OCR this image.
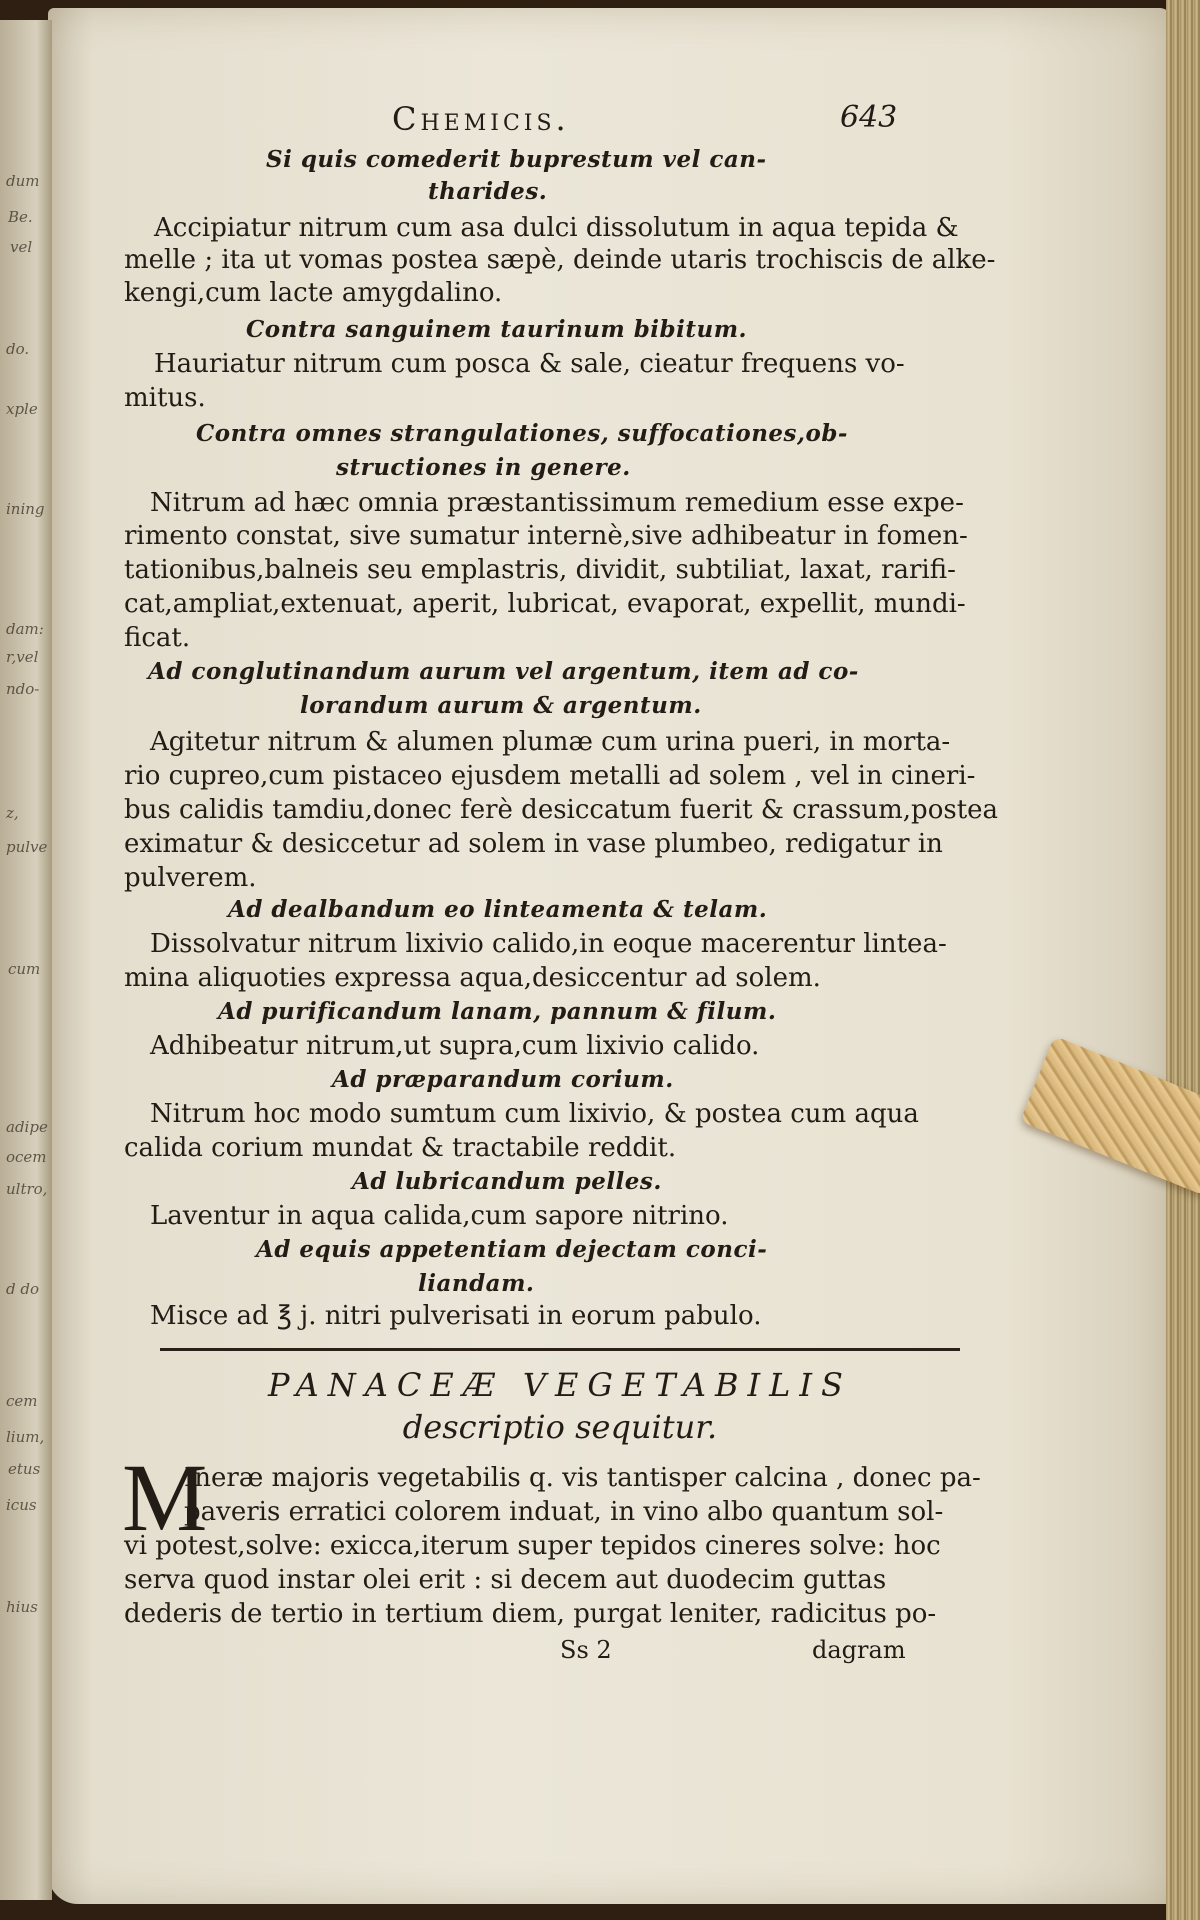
dum
Be.
vel
do.
xple
ining
dam:
r,vel
ndo-
z,
pulve
cum
adipe
ocem
ultro,
d do
cem
lium,
etus
icus
hius
Chemicis.	643
Si quis comederit buprestum vel can-
tharides.
Accipiatur nitrum cum asa dulci dissolutum in aqua tepida &
melle ; ita ut vomas postea sæpè, deinde utaris trochiscis de alke-
kengi,cum lacte amygdalino.
Contra sanguinem taurinum bibitum.
Hauriatur nitrum cum posca & sale, cieatur frequens vo-
mitus.
Contra omnes strangulationes, suffocationes,ob-
structiones in genere.
Nitrum ad hæc omnia præstantissimum remedium esse expe-
rimento constat, sive sumatur internè,sive adhibeatur in fomen-
tationibus,balneis seu emplastris, dividit, subtiliat, laxat, rarifi-
cat,ampliat,extenuat, aperit, lubricat, evaporat, expellit, mundi-
ficat.
Ad conglutinandum aurum vel argentum, item ad co-
lorandum aurum & argentum.
Agitetur nitrum & alumen plumæ cum urina pueri, in morta-
rio cupreo,cum pistaceo ejusdem metalli ad solem , vel in cineri-
bus calidis tamdiu,donec ferè desiccatum fuerit & crassum,postea
eximatur & desiccetur ad solem in vase plumbeo, redigatur in
pulverem.
Ad dealbandum eo linteamenta & telam.
Dissolvatur nitrum lixivio calido,in eoque macerentur lintea-
mina aliquoties expressa aqua,desiccentur ad solem.
Ad purificandum lanam, pannum & filum.
Adhibeatur nitrum,ut supra,cum lixivio calido.
Ad præparandum corium.
Nitrum hoc modo sumtum cum lixivio, & postea cum aqua
calida corium mundat & tractabile reddit.
Ad lubricandum pelles.
Laventur in aqua calida,cum sapore nitrino.
Ad equis appetentiam dejectam conci-
liandam.
Misce ad ℥ j. nitri pulverisati in eorum pabulo.
PANACEÆ VEGETABILIS
descriptio sequitur.
M
Ineræ majoris vegetabilis q. vis tantisper calcina , donec pa-
paveris erratici colorem induat, in vino albo quantum sol-
vi potest,solve: exicca,iterum super tepidos cineres solve: hoc
serva quod instar olei erit : si decem aut duodecim guttas
dederis de tertio in tertium diem, purgat leniter, radicitus po-
Ss 2	dagram
